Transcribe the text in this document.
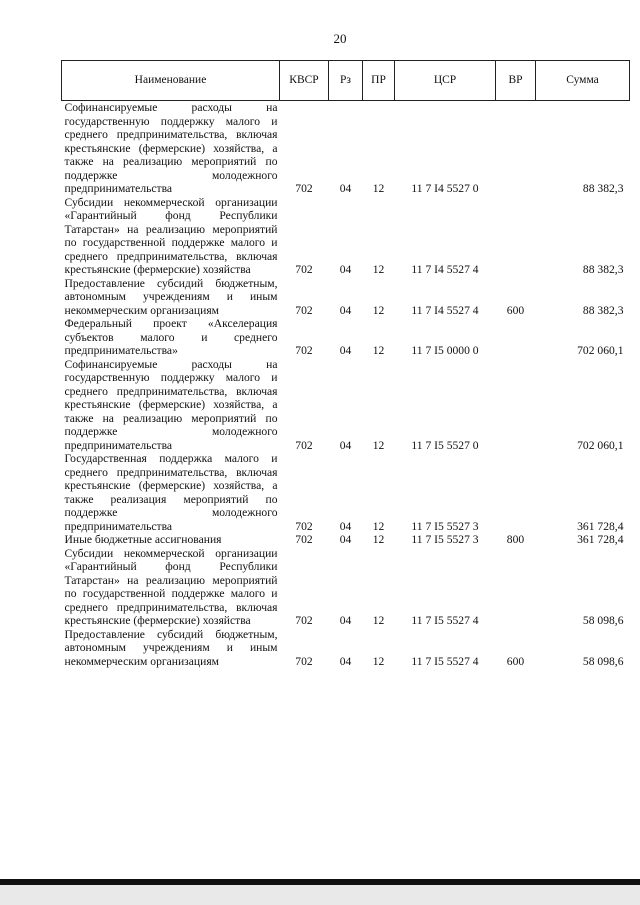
20
Наименование	КВСР	Рз	ПР	ЦСР	ВР	Сумма
Софинансируемые расходы на государственную поддержку малого и среднего предпринимательства, включая крестьянские (фермерские) хозяйства, а также на реализацию мероприятий по поддержке молодежного предпринимательства	702	04	12	11 7 I4 5527 0		88 382,3
Субсидии некоммерческой организации «Гарантийный фонд Республики Татарстан» на реализацию мероприятий по государственной поддержке малого и среднего предпринимательства, включая крестьянские (фермерские) хозяйства	702	04	12	11 7 I4 5527 4		88 382,3
Предоставление субсидий бюджетным, автономным учреждениям и иным некоммерческим организациям	702	04	12	11 7 I4 5527 4	600	88 382,3
Федеральный проект «Акселерация субъектов малого и среднего предпринимательства»	702	04	12	11 7 I5 0000 0		702 060,1
Софинансируемые расходы на государственную поддержку малого и среднего предпринимательства, включая крестьянские (фермерские) хозяйства, а также на реализацию мероприятий по поддержке молодежного предпринимательства	702	04	12	11 7 I5 5527 0		702 060,1
Государственная поддержка малого и среднего предпринимательства, включая крестьянские (фермерские) хозяйства, а также реализация мероприятий по поддержке молодежного предпринимательства	702	04	12	11 7 I5 5527 3		361 728,4
Иные бюджетные ассигнования	702	04	12	11 7 I5 5527 3	800	361 728,4
Субсидии некоммерческой организации «Гарантийный фонд Республики Татарстан» на реализацию мероприятий по государственной поддержке малого и среднего предпринимательства, включая крестьянские (фермерские) хозяйства	702	04	12	11 7 I5 5527 4		58 098,6
Предоставление субсидий бюджетным, автономным учреждениям и иным некоммерческим организациям	702	04	12	11 7 I5 5527 4	600	58 098,6
